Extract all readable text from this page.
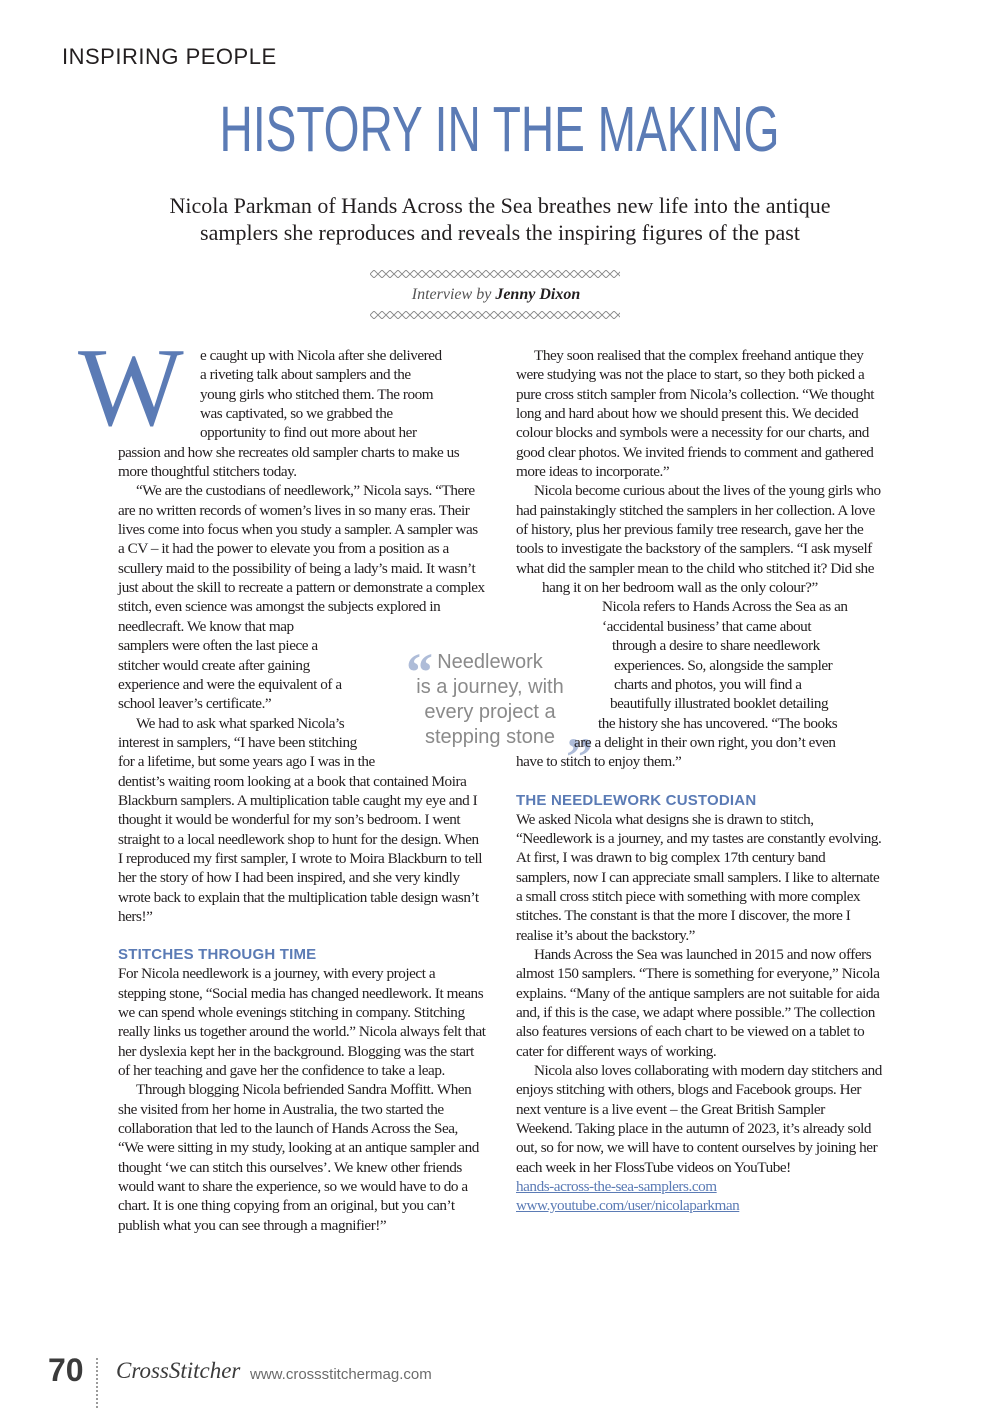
INSPIRING PEOPLE
HISTORY IN THE MAKING
Nicola Parkman of Hands Across the Sea breathes new life into the antique
samplers she reproduces and reveals the inspiring figures of the past
Interview by Jenny Dixon
W e caught up with Nicola after she delivered
a riveting talk about samplers and the
young girls who stitched them. The room
was captivated, so we grabbed the
opportunity to find out more about her

passion and how she recreates old sampler charts to make us more thoughtful stitchers today.

“We are the custodians of needlework,” Nicola says. “There are no written records of women’s lives in so many eras. Their lives come into focus when you study a sampler. A sampler was a CV – it had the power to elevate you from a position as a scullery maid to the possibility of being a lady’s maid. It wasn’t just about the skill to recreate a pattern or demonstrate a complex stitch, even science was amongst the subjects explored in needlecraft. We know that map

samplers were often the last piece a
stitcher would create after gaining
experience and were the equivalent of a
school leaver’s certificate.”
We had to ask what sparked Nicola’s
interest in samplers, “I have been stitching
for a lifetime, but some years ago I was in the

dentist’s waiting room looking at a book that contained Moira Blackburn samplers. A multiplication table caught my eye and I thought it would be wonderful for my son’s bedroom. I went straight to a local needlework shop to hunt for the design. When I reproduced my first sampler, I wrote to Moira Blackburn to tell her the story of how I had been inspired, and she very kindly wrote back to explain that the multiplication table design wasn’t hers!”

STITCHES THROUGH TIME

For Nicola needlework is a journey, with every project a stepping stone, “Social media has changed needlework. It means we can spend whole evenings stitching in company. Stitching really links us together around the world.” Nicola always felt that her dyslexia kept her in the background. Blogging was the start of her teaching and gave her the confidence to take a leap.

Through blogging Nicola befriended Sandra Moffitt. When she visited from her home in Australia, the two started the collaboration that led to the launch of Hands Across the Sea, “We were sitting in my study, looking at an antique sampler and thought ‘we can stitch this ourselves’. We knew other friends would want to share the experience, so we would have to do a chart. It is one thing copying from an original, but you can’t publish what you can see through a magnifier!”

Needlework
is a journey, with
every project a
stepping stone
“
”

They soon realised that the complex freehand antique they were studying was not the place to start, so they both picked a pure cross stitch sampler from Nicola’s collection. “We thought long and hard about how we should present this. We decided colour blocks and symbols were a necessity for our charts, and good clear photos. We invited friends to comment and gathered more ideas to incorporate.”

Nicola become curious about the lives of the young girls who had painstakingly stitched the samplers in her collection. A love of history, plus her previous family tree research, gave her the tools to investigate the backstory of the samplers. “I ask myself what did the sampler mean to the child who stitched it? Did she

hang it on her bedroom wall as the only colour?”
Nicola refers to Hands Across the Sea as an
‘accidental business’ that came about
through a desire to share needlework
experiences. So, alongside the sampler
charts and photos, you will find a
beautifully illustrated booklet detailing
the history she has uncovered. “The books
are a delight in their own right, you don’t even

have to stitch to enjoy them.”

THE NEEDLEWORK CUSTODIAN

We asked Nicola what designs she is drawn to stitch, “Needlework is a journey, and my tastes are constantly evolving. At first, I was drawn to big complex 17th century band samplers, now I can appreciate small samplers. I like to alternate a small cross stitch piece with something with more complex stitches. The constant is that the more I discover, the more I realise it’s about the backstory.”

Hands Across the Sea was launched in 2015 and now offers almost 150 samplers. “There is something for everyone,” Nicola explains. “Many of the antique samplers are not suitable for aida and, if this is the case, we adapt where possible.” The collection also features versions of each chart to be viewed on a tablet to cater for different ways of working.

Nicola also loves collaborating with modern day stitchers and enjoys stitching with others, blogs and Facebook groups. Her next venture is a live event – the Great British Sampler Weekend. Taking place in the autumn of 2023, it’s already sold out, so for now, we will have to content ourselves by joining her each week in her FlossTube videos on YouTube!

hands-across-the-sea-samplers.com
www.youtube.com/user/nicolaparkman
70 CrossStitcher www.crossstitchermag.com
